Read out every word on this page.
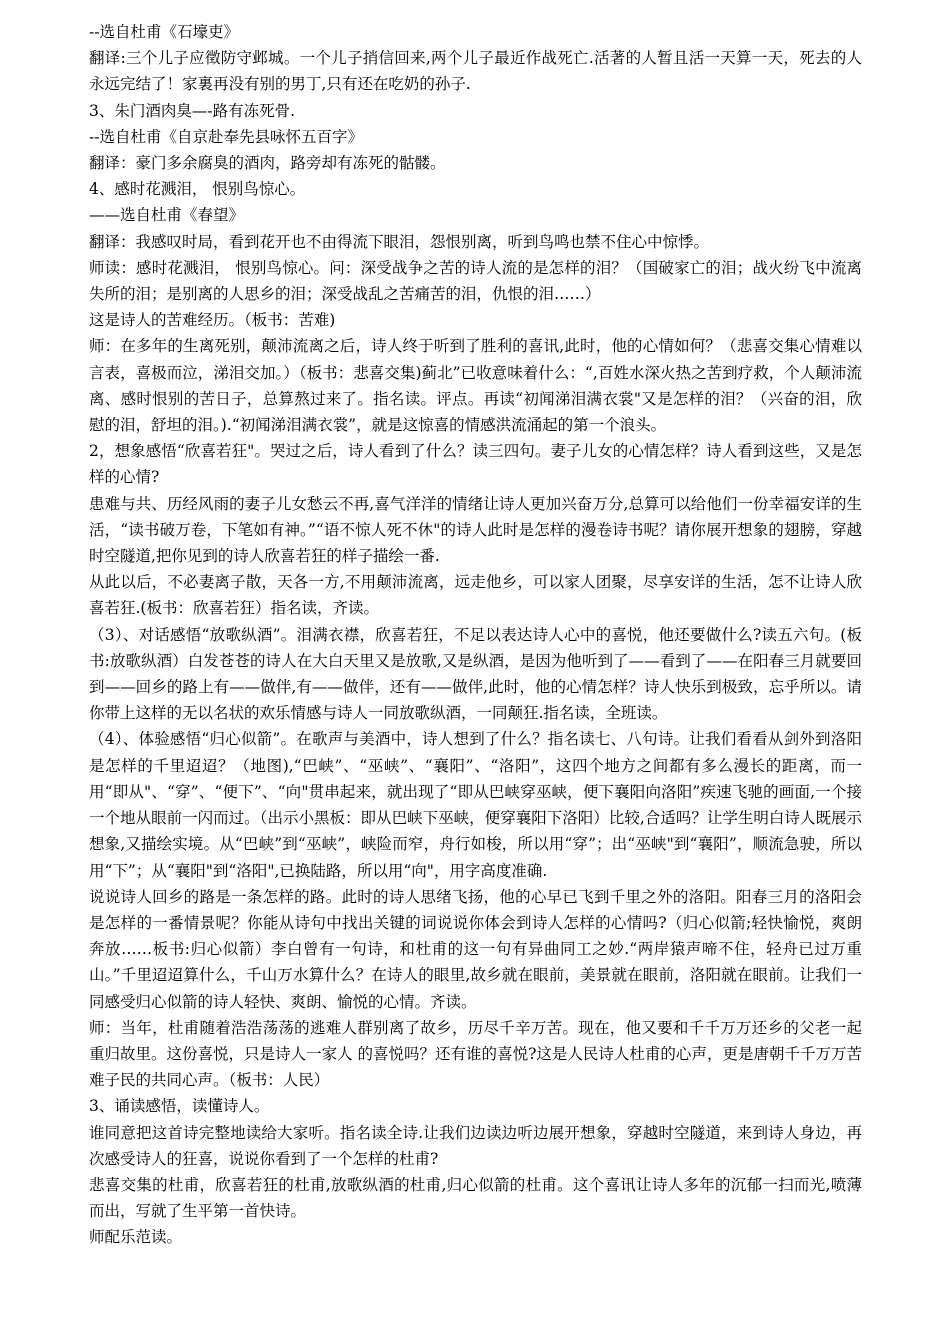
--选自杜甫《石壕吏》

翻译:三个儿子应徵防守邺城。一个儿子捎信回来,两个儿子最近作战死亡.活著的人暂且活一天算一天，死去的人永远完结了！家裏再没有别的男丁,只有还在吃奶的孙子.

3、朱门酒肉臭—-路有冻死骨.

--选自杜甫《自京赴奉先县咏怀五百字》

翻译：豪门多余腐臭的酒肉，路旁却有冻死的骷髅。

4、感时花溅泪， 恨别鸟惊心。

——选自杜甫《春望》

翻译：我感叹时局，看到花开也不由得流下眼泪，怨恨别离，听到鸟鸣也禁不住心中惊悸。

师读：感时花溅泪， 恨别鸟惊心。问：深受战争之苦的诗人流的是怎样的泪？（国破家亡的泪；战火纷飞中流离失所的泪；是别离的人思乡的泪；深受战乱之苦痛苦的泪，仇恨的泪……）

这是诗人的苦难经历。（板书：苦难)

师：在多年的生离死别，颠沛流离之后，诗人终于听到了胜利的喜讯,此时，他的心情如何？（悲喜交集心情难以言表，喜极而泣，涕泪交加。）（板书：悲喜交集)蓟北”已收意味着什么：“,百姓水深火热之苦到疗救，个人颠沛流离、感时恨别的苦日子，总算熬过来了。指名读。评点。再读“初闻涕泪满衣裳"又是怎样的泪？（兴奋的泪，欣慰的泪，舒坦的泪。).“初闻涕泪满衣裳”，就是这惊喜的情感洪流涌起的第一个浪头。

2，想象感悟“欣喜若狂"。哭过之后，诗人看到了什么？读三四句。妻子儿女的心情怎样？诗人看到这些，又是怎样的心情?

患难与共、历经风雨的妻子儿女愁云不再,喜气洋洋的情绪让诗人更加兴奋万分,总算可以给他们一份幸福安详的生活，“读书破万卷，下笔如有神。”“语不惊人死不休"的诗人此时是怎样的漫卷诗书呢？请你展开想象的翅膀，穿越时空隧道,把你见到的诗人欣喜若狂的样子描绘一番.

从此以后，不必妻离子散，天各一方,不用颠沛流离，远走他乡，可以家人团聚，尽享安详的生活，怎不让诗人欣喜若狂.(板书：欣喜若狂）指名读，齐读。

（3）、对话感悟“放歌纵酒”。泪满衣襟，欣喜若狂，不足以表达诗人心中的喜悦，他还要做什么?读五六句。(板书:放歌纵酒）白发苍苍的诗人在大白天里又是放歌,又是纵酒，是因为他听到了——看到了——在阳春三月就要回到——回乡的路上有——做伴,有——做伴，还有——做伴,此时，他的心情怎样？诗人快乐到极致，忘乎所以。请你带上这样的无以名状的欢乐情感与诗人一同放歌纵酒，一同颠狂.指名读，全班读。

（4）、体验感悟“归心似箭”。在歌声与美酒中，诗人想到了什么？指名读七、八句诗。让我们看看从剑外到洛阳是怎样的千里迢迢？（地图),“巴峡”、“巫峡”、“襄阳”、“洛阳”，这四个地方之间都有多么漫长的距离，而一用“即从"、“穿”、“便下”、“向"贯串起来，就出现了“即从巴峡穿巫峡，便下襄阳向洛阳”疾速飞驰的画面,一个接一个地从眼前一闪而过。（出示小黑板：即从巴峡下巫峡，便穿襄阳下洛阳）比较,合适吗？让学生明白诗人既展示想象,又描绘实境。从“巴峡”到“巫峡”，峡险而窄，舟行如梭，所以用“穿”；出“巫峡"到“襄阳”，顺流急驶，所以用“下”；从“襄阳"到“洛阳",已换陆路，所以用“向"，用字高度准确.

说说诗人回乡的路是一条怎样的路。此时的诗人思绪飞扬，他的心早已飞到千里之外的洛阳。阳春三月的洛阳会是怎样的一番情景呢？你能从诗句中找出关键的词说说你体会到诗人怎样的心情吗?（归心似箭;轻快愉悦，爽朗奔放……板书:归心似箭）李白曾有一句诗，和杜甫的这一句有异曲同工之妙.“两岸猿声啼不住，轻舟已过万重山。”千里迢迢算什么，千山万水算什么？在诗人的眼里,故乡就在眼前，美景就在眼前，洛阳就在眼前。让我们一同感受归心似箭的诗人轻快、爽朗、愉悦的心情。齐读。

师：当年，杜甫随着浩浩荡荡的逃难人群别离了故乡，历尽千辛万苦。现在，他又要和千千万万还乡的父老一起重归故里。这份喜悦，只是诗人一家人 的喜悦吗？还有谁的喜悦?这是人民诗人杜甫的心声，更是唐朝千千万万苦难子民的共同心声。（板书：人民）

3、诵读感悟，读懂诗人。

谁同意把这首诗完整地读给大家听。指名读全诗.让我们边读边听边展开想象，穿越时空隧道，来到诗人身边，再次感受诗人的狂喜，说说你看到了一个怎样的杜甫?

悲喜交集的杜甫，欣喜若狂的杜甫,放歌纵酒的杜甫,归心似箭的杜甫。这个喜讯让诗人多年的沉郁一扫而光,喷薄而出，写就了生平第一首快诗。

师配乐范读。
